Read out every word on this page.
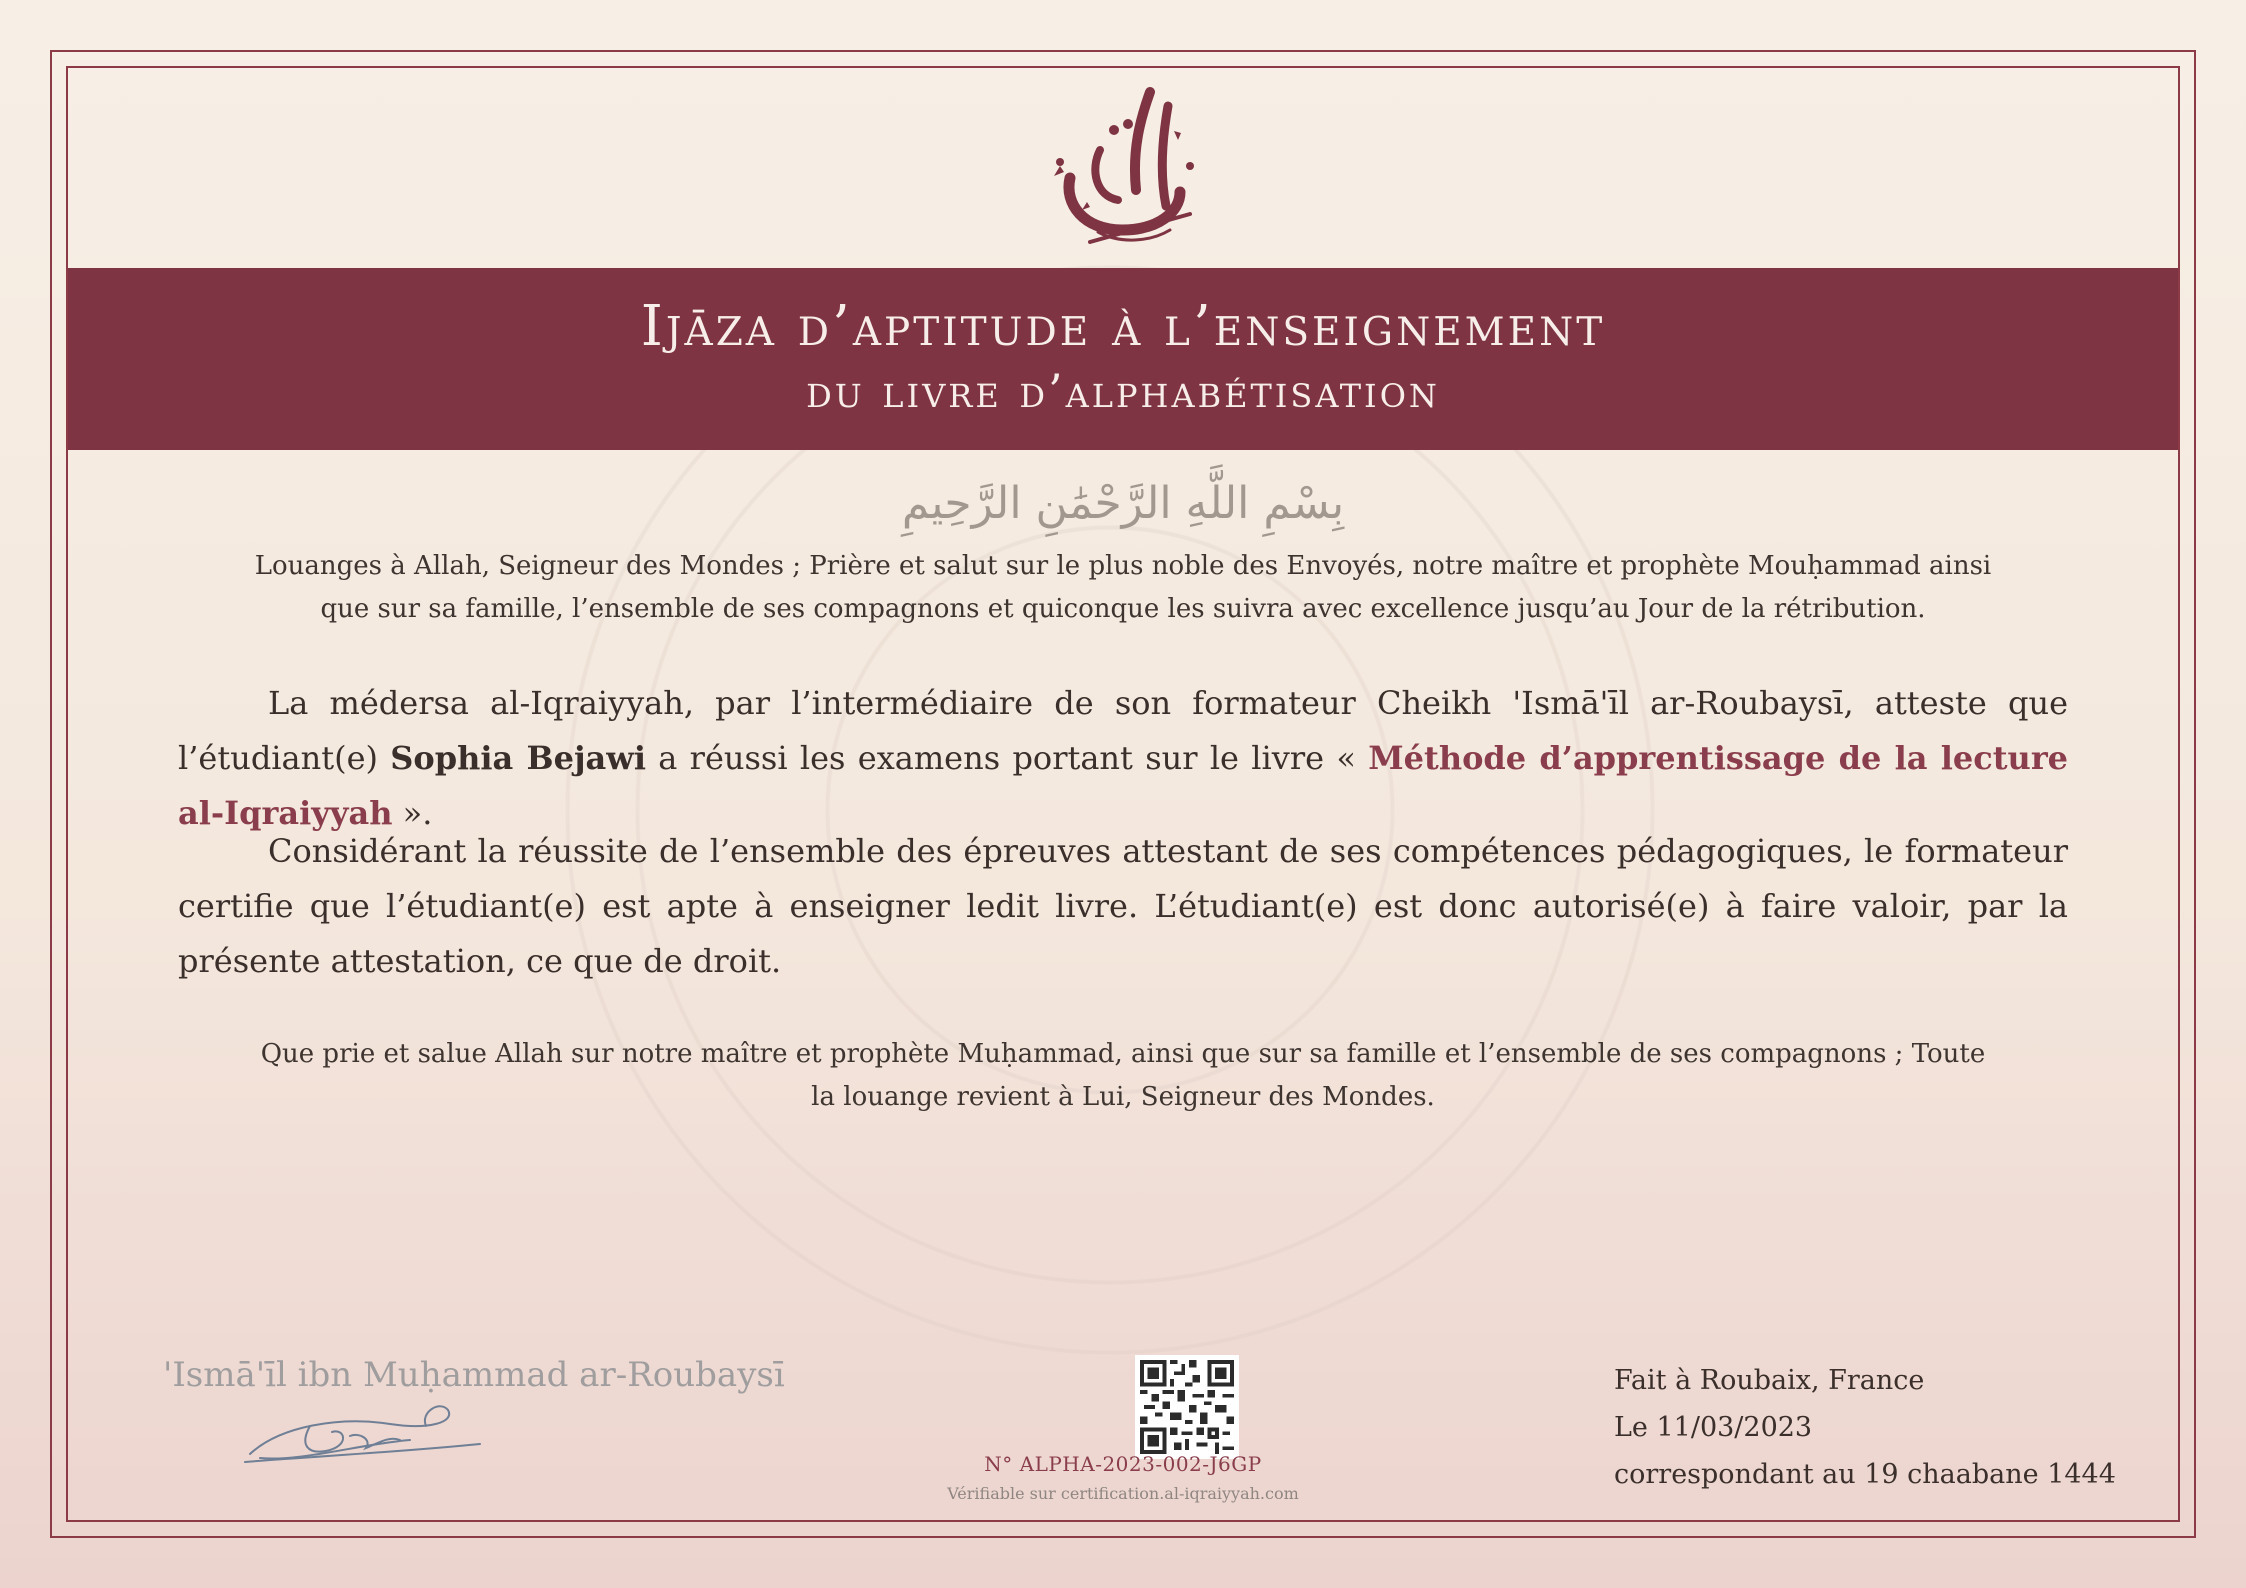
Ijāza d’aptitude à l’enseignement
du livre d’alphabétisation
بِسْمِ اللَّهِ الرَّحْمَٰنِ الرَّحِيمِ
Louanges à Allah, Seigneur des Mondes ; Prière et salut sur le plus noble des Envoyés, notre maître et prophète Mouḥammad ainsi que sur sa famille, l’ensemble de ses compagnons et quiconque les suivra avec excellence jusqu’au Jour de la rétribution.
La médersa al-Iqraiyyah, par l’intermédiaire de son formateur Cheikh 'Ismā'īl ar-Roubaysī, atteste que l’étudiant(e) Sophia Bejawi a réussi les examens portant sur le livre « Méthode d’apprentissage de la lecture al-Iqraiyyah ».
Considérant la réussite de l’ensemble des épreuves attestant de ses compétences pédagogiques, le formateur certifie que l’étudiant(e) est apte à enseigner ledit livre. L’étudiant(e) est donc autorisé(e) à faire valoir, par la présente attestation, ce que de droit.
Que prie et salue Allah sur notre maître et prophète Muḥammad, ainsi que sur sa famille et l’ensemble de ses compagnons ; Toute la louange revient à Lui, Seigneur des Mondes.
'Ismā'īl ibn Muḥammad ar-Roubaysī
N° ALPHA-2023-002-J6GP
Vérifiable sur certification.al-iqraiyyah.com
Fait à Roubaix, France
Le 11/03/2023
correspondant au 19 chaabane 1444
